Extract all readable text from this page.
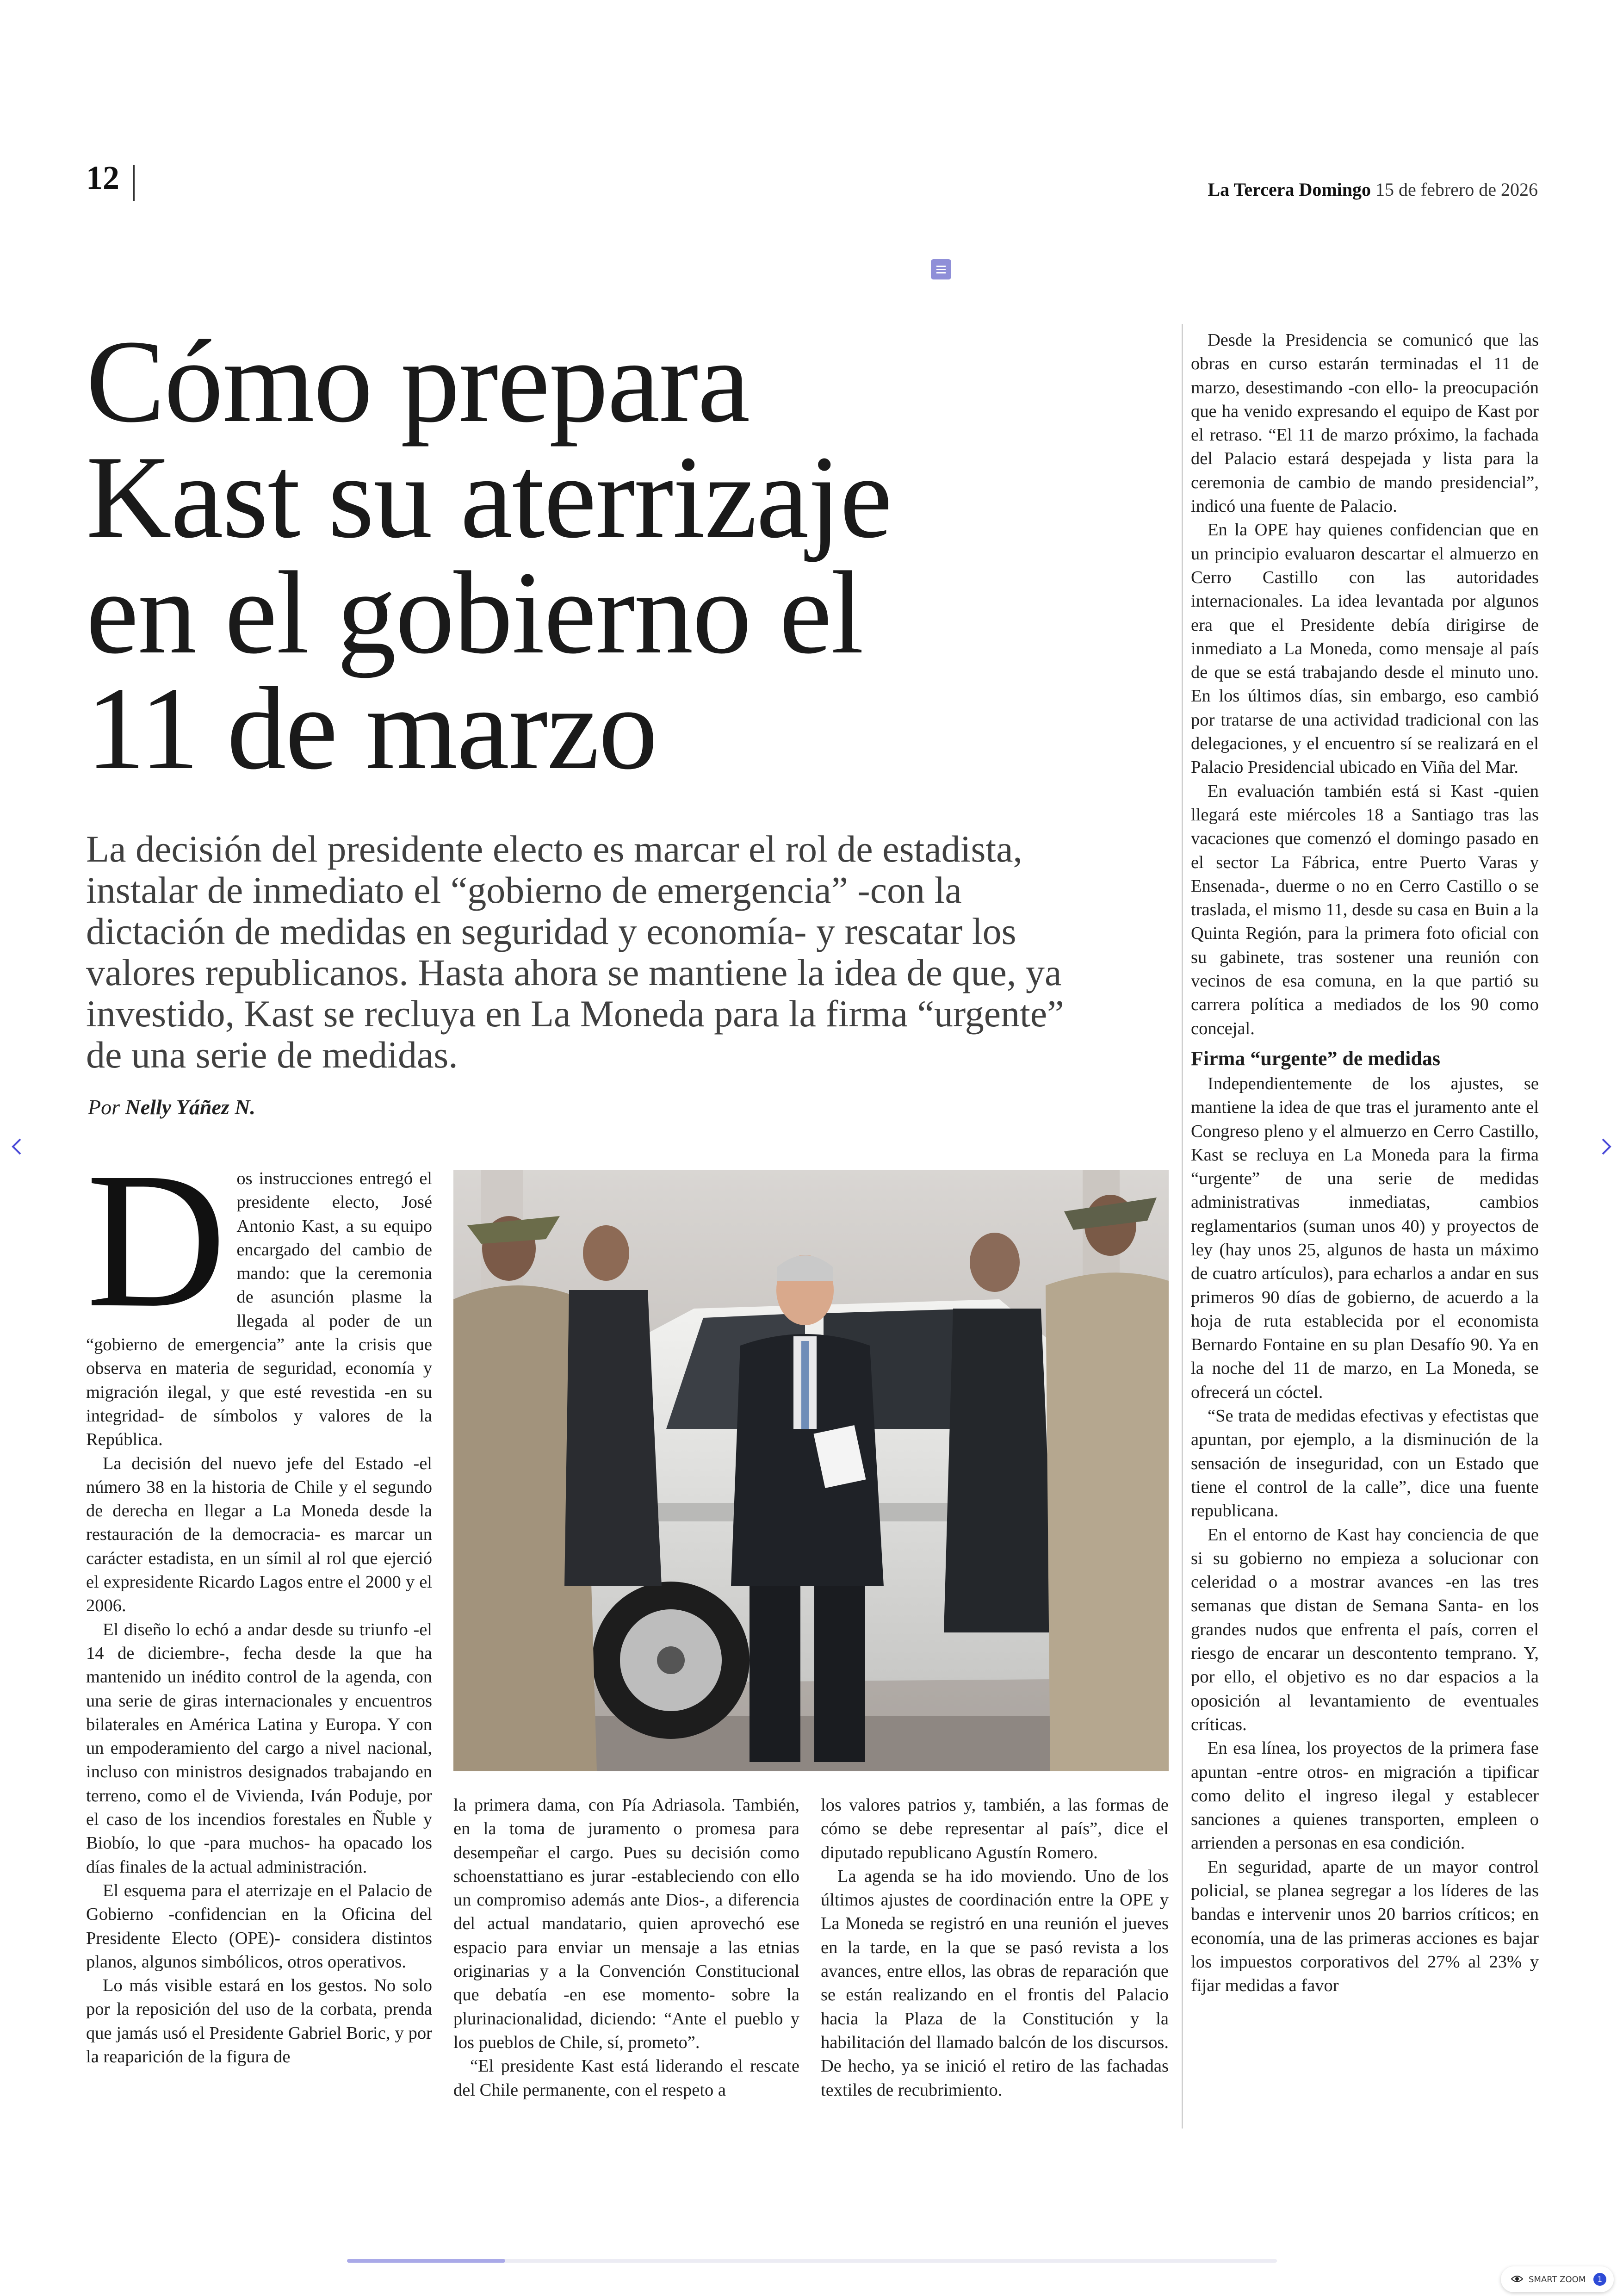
12	La Tercera Domingo 15 de febrero de 2026
Cómo prepara
Kast su aterrizaje
en el gobierno el
11 de marzo
La decisión del presidente electo es marcar el rol de estadista,
instalar de inmediato el “gobierno de emergencia” -con la
dictación de medidas en seguridad y economía- y rescatar los
valores republicanos. Hasta ahora se mantiene la idea de que, ya
investido, Kast se recluya en La Moneda para la firma “urgente”
de una serie de medidas.
Por Nelly Yáñez N.
D os instrucciones entregó el presidente electo, José Antonio Kast, a su equipo encargado del cambio de mando: que la ceremonia de asunción plasme la llegada al poder de un “gobierno de emergencia” ante la crisis que observa en materia de seguridad, economía y migración ilegal, y que esté revestida -en su integridad- de símbolos y valores de la República.

La decisión del nuevo jefe del Estado -el número 38 en la historia de Chile y el segundo de derecha en llegar a La Moneda desde la restauración de la democracia- es marcar un carácter estadista, en un símil al rol que ejerció el expresidente Ricardo Lagos entre el 2000 y el 2006.

El diseño lo echó a andar desde su triunfo -el 14 de diciembre-, fecha desde la que ha mantenido un inédito control de la agenda, con una serie de giras internacionales y encuentros bilaterales en América Latina y Europa. Y con un empoderamiento del cargo a nivel nacional, incluso con ministros designados trabajando en terreno, como el de Vivienda, Iván Poduje, por el caso de los incendios forestales en Ñuble y Biobío, lo que -para muchos- ha opacado los días finales de la actual administración.

El esquema para el aterrizaje en el Palacio de Gobierno -confidencian en la Oficina del Presidente Electo (OPE)- considera distintos planos, algunos simbólicos, otros operativos.

Lo más visible estará en los gestos. No solo por la reposición del uso de la corbata, prenda que jamás usó el Presidente Gabriel Boric, y por la reaparición de la figura de

la primera dama, con Pía Adriasola. También, en la toma de juramento o promesa para desempeñar el cargo. Pues su decisión como schoenstattiano es jurar -estableciendo con ello un compromiso además ante Dios-, a diferencia del actual mandatario, quien aprovechó ese espacio para enviar un mensaje a las etnias originarias y a la Convención Constitucional que debatía -en ese momento- sobre la plurinacionalidad, diciendo: “Ante el pueblo y los pueblos de Chile, sí, prometo”.

“El presidente Kast está liderando el rescate del Chile permanente, con el respeto a

los valores patrios y, también, a las formas de cómo se debe representar al país”, dice el diputado republicano Agustín Romero.

La agenda se ha ido moviendo. Uno de los últimos ajustes de coordinación entre la OPE y La Moneda se registró en una reunión el jueves en la tarde, en la que se pasó revista a los avances, entre ellos, las obras de reparación que se están realizando en el frontis del Palacio hacia la Plaza de la Constitución y la habilitación del llamado balcón de los discursos. De hecho, ya se inició el retiro de las fachadas textiles de recubrimiento.

Desde la Presidencia se comunicó que las obras en curso estarán terminadas el 11 de marzo, desestimando -con ello- la preocupación que ha venido expresando el equipo de Kast por el retraso. “El 11 de marzo próximo, la fachada del Palacio estará despejada y lista para la ceremonia de cambio de mando presidencial”, indicó una fuente de Palacio.

En la OPE hay quienes confidencian que en un principio evaluaron descartar el almuerzo en Cerro Castillo con las autoridades internacionales. La idea levantada por algunos era que el Presidente debía dirigirse de inmediato a La Moneda, como mensaje al país de que se está trabajando desde el minuto uno. En los últimos días, sin embargo, eso cambió por tratarse de una actividad tradicional con las delegaciones, y el encuentro sí se realizará en el Palacio Presidencial ubicado en Viña del Mar.

En evaluación también está si Kast -quien llegará este miércoles 18 a Santiago tras las vacaciones que comenzó el domingo pasado en el sector La Fábrica, entre Puerto Varas y Ensenada-, duerme o no en Cerro Castillo o se traslada, el mismo 11, desde su casa en Buin a la Quinta Región, para la primera foto oficial con su gabinete, tras sostener una reunión con vecinos de esa comuna, en la que partió su carrera política a mediados de los 90 como concejal.

Firma “urgente” de medidas

Independientemente de los ajustes, se mantiene la idea de que tras el juramento ante el Congreso pleno y el almuerzo en Cerro Castillo, Kast se recluya en La Moneda para la firma “urgente” de una serie de medidas administrativas inmediatas, cambios reglamentarios (suman unos 40) y proyectos de ley (hay unos 25, algunos de hasta un máximo de cuatro artículos), para echarlos a andar en sus primeros 90 días de gobierno, de acuerdo a la hoja de ruta establecida por el economista Bernardo Fontaine en su plan Desafío 90. Ya en la noche del 11 de marzo, en La Moneda, se ofrecerá un cóctel.

“Se trata de medidas efectivas y efectistas que apuntan, por ejemplo, a la disminución de la sensación de inseguridad, con un Estado que tiene el control de la calle”, dice una fuente republicana.

En el entorno de Kast hay conciencia de que si su gobierno no empieza a solucionar con celeridad o a mostrar avances -en las tres semanas que distan de Semana Santa- en los grandes nudos que enfrenta el país, corren el riesgo de encarar un descontento temprano. Y, por ello, el objetivo es no dar espacios a la oposición al levantamiento de eventuales críticas.

En esa línea, los proyectos de la primera fase apuntan -entre otros- en migración a tipificar como delito el ingreso ilegal y establecer sanciones a quienes transporten, empleen o arrienden a personas en esa condición.

En seguridad, aparte de un mayor control policial, se planea segregar a los líderes de las bandas e intervenir unos 20 barrios críticos; en economía, una de las primeras acciones es bajar los impuestos corporativos del 27% al 23% y fijar medidas a favor

SMART ZOOM	1
